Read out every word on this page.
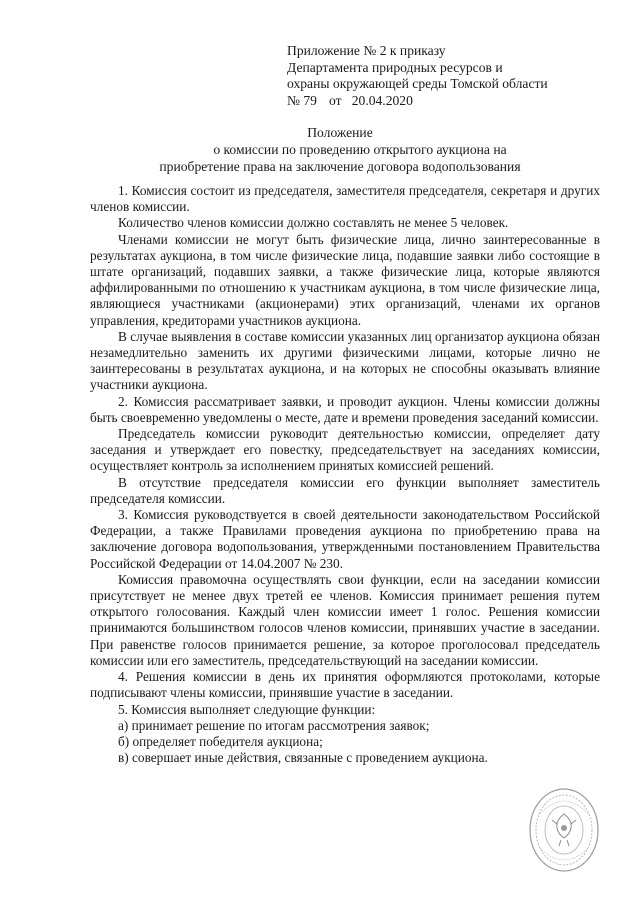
Приложение № 2 к приказу
Департамента природных ресурсов и
охраны окружающей среды Томской области
№ 79 от   20.04.2020
Положение
о комиссии по проведению открытого аукциона на
приобретение права на заключение договора водопользования

1. Комиссия состоит из председателя, заместителя председателя, секретаря и других членов комиссии.

Количество членов комиссии должно составлять не менее 5 человек.

Членами комиссии не могут быть физические лица, лично заинтересованные в результатах аукциона, в том числе физические лица, подавшие заявки либо состоящие в штате организаций, подавших заявки, а также физические лица, которые являются аффилированными по отношению к участникам аукциона, в том числе физические лица, являющиеся участниками (акционерами) этих организаций, членами их органов управления, кредиторами участников аукциона.

В случае выявления в составе комиссии указанных лиц организатор аукциона обязан незамедлительно заменить их другими физическими лицами, которые лично не заинтересованы в результатах аукциона, и на которых не способны оказывать влияние участники аукциона.

2. Комиссия рассматривает заявки, и проводит аукцион. Члены комиссии должны быть своевременно уведомлены о месте, дате и времени проведения заседаний комиссии.

Председатель комиссии руководит деятельностью комиссии, определяет дату заседания и утверждает его повестку, председательствует на заседаниях комиссии, осуществляет контроль за исполнением принятых комиссией решений.

В отсутствие председателя комиссии его функции выполняет заместитель председателя комиссии.

3. Комиссия руководствуется в своей деятельности законодательством Российской Федерации, а также Правилами проведения аукциона по приобретению права на заключение договора водопользования, утвержденными постановлением Правительства Российской Федерации от 14.04.2007 № 230.

Комиссия правомочна осуществлять свои функции, если на заседании комиссии присутствует не менее двух третей ее членов. Комиссия принимает решения путем открытого голосования. Каждый член комиссии имеет 1 голос. Решения комиссии принимаются большинством голосов членов комиссии, принявших участие в заседании. При равенстве голосов принимается решение, за которое проголосовал председатель комиссии или его заместитель, председательствующий на заседании комиссии.

4. Решения комиссии в день их принятия оформляются протоколами, которые подписывают члены комиссии, принявшие участие в заседании.

5. Комиссия выполняет следующие функции:

а) принимает решение по итогам рассмотрения заявок;

б) определяет победителя аукциона;

в) совершает иные действия, связанные с проведением аукциона.
